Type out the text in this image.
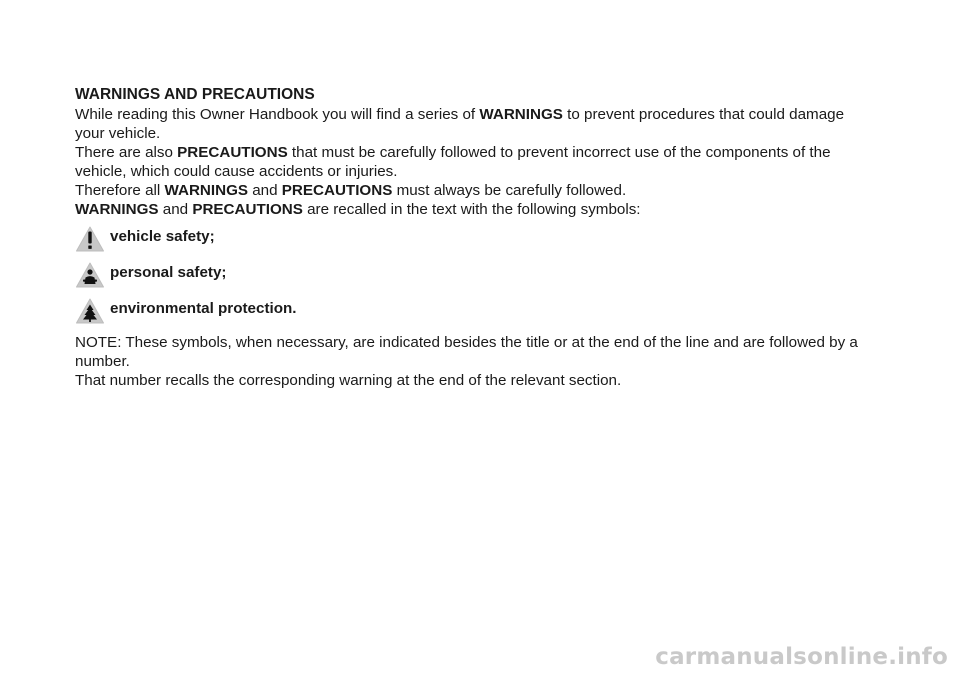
WARNINGS AND PRECAUTIONS

While reading this Owner Handbook you will find a series of WARNINGS to prevent procedures that could damage your vehicle.

There are also PRECAUTIONS that must be carefully followed to prevent incorrect use of the components of the vehicle, which could cause accidents or injuries.

Therefore all WARNINGS and PRECAUTIONS must always be carefully followed.

WARNINGS and PRECAUTIONS are recalled in the text with the following symbols:

vehicle safety;
personal safety;
environmental protection.

NOTE: These symbols, when necessary, are indicated besides the title or at the end of the line and are followed by a number.

That number recalls the corresponding warning at the end of the relevant section.

carmanualsonline.info
